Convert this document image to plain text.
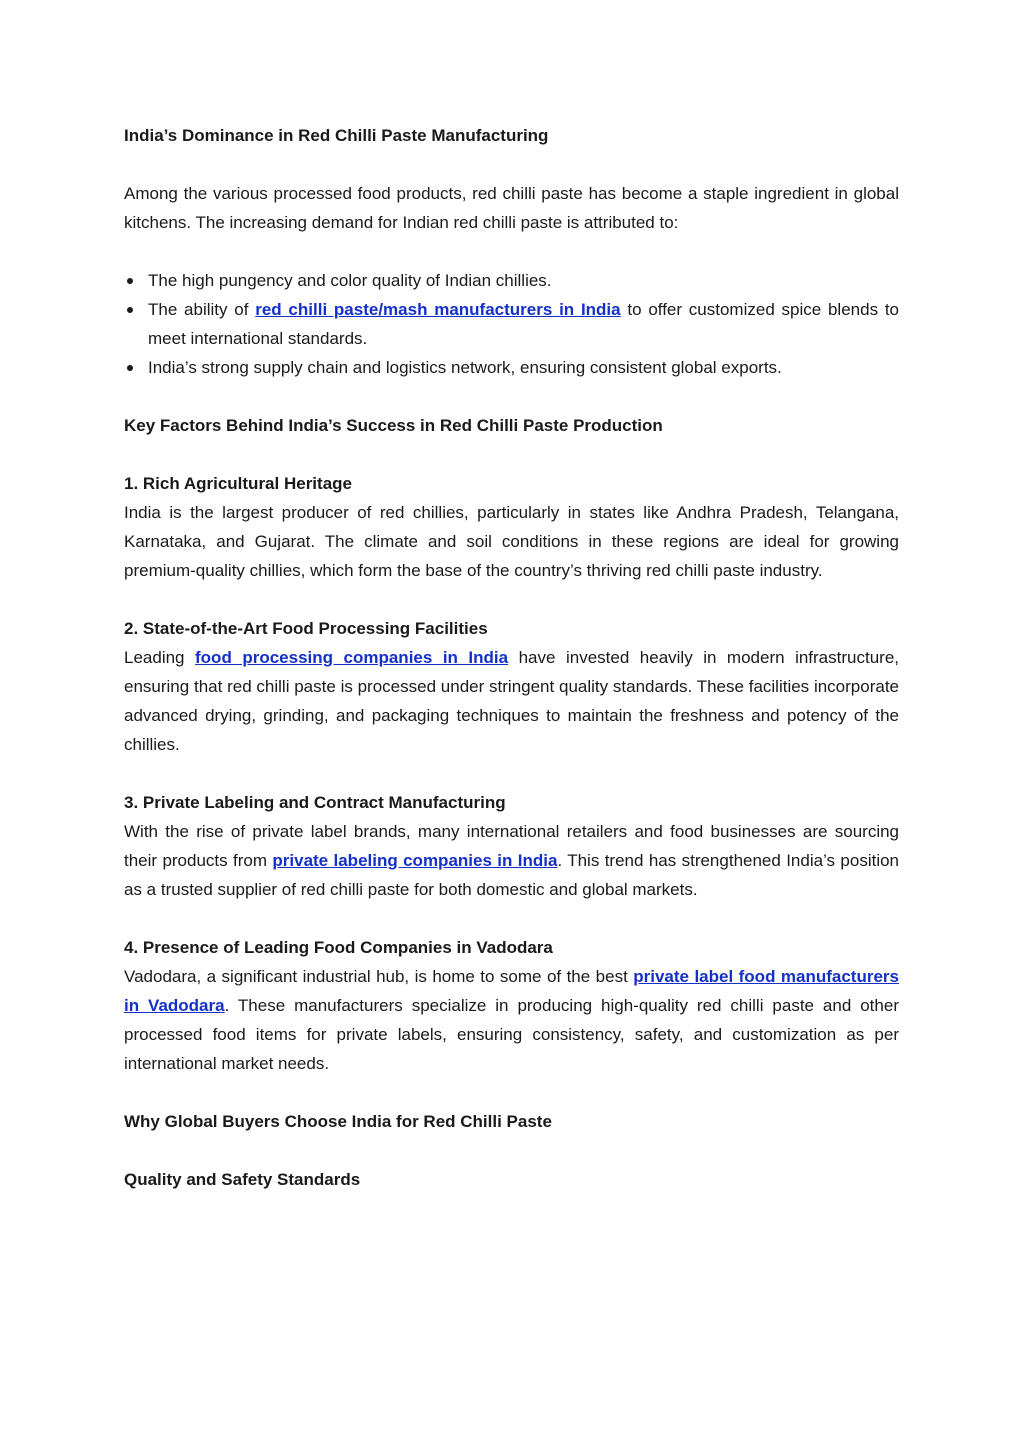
India’s Dominance in Red Chilli Paste Manufacturing

Among the various processed food products, red chilli paste has become a staple ingredient in global kitchens. The increasing demand for Indian red chilli paste is attributed to:

The high pungency and color quality of Indian chillies.
The ability of red chilli paste/mash manufacturers in India to offer customized spice blends to meet international standards.
India’s strong supply chain and logistics network, ensuring consistent global exports.

Key Factors Behind India’s Success in Red Chilli Paste Production

1. Rich Agricultural Heritage

India is the largest producer of red chillies, particularly in states like Andhra Pradesh, Telangana, Karnataka, and Gujarat. The climate and soil conditions in these regions are ideal for growing premium-quality chillies, which form the base of the country’s thriving red chilli paste industry.

2. State-of-the-Art Food Processing Facilities

Leading food processing companies in India have invested heavily in modern infrastructure, ensuring that red chilli paste is processed under stringent quality standards. These facilities incorporate advanced drying, grinding, and packaging techniques to maintain the freshness and potency of the chillies.

3. Private Labeling and Contract Manufacturing

With the rise of private label brands, many international retailers and food businesses are sourcing their products from private labeling companies in India. This trend has strengthened India’s position as a trusted supplier of red chilli paste for both domestic and global markets.

4. Presence of Leading Food Companies in Vadodara

Vadodara, a significant industrial hub, is home to some of the best private label food manufacturers in Vadodara. These manufacturers specialize in producing high-quality red chilli paste and other processed food items for private labels, ensuring consistency, safety, and customization as per international market needs.

Why Global Buyers Choose India for Red Chilli Paste

Quality and Safety Standards
